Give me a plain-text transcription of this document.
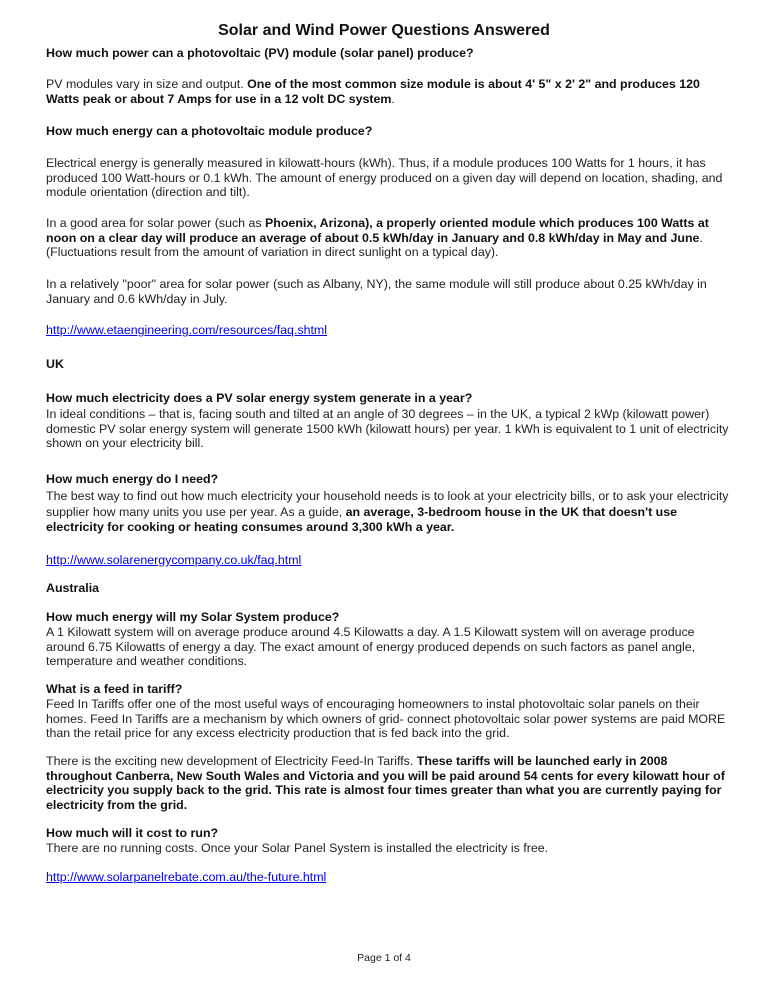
Solar and Wind Power Questions Answered
How much power can a photovoltaic (PV) module (solar panel) produce?
PV modules vary in size and output. One of the most common size module is about 4' 5" x 2' 2" and produces 120 Watts peak or about 7 Amps for use in a 12 volt DC system.
How much energy can a photovoltaic module produce?
Electrical energy is generally measured in kilowatt-hours (kWh). Thus, if a module produces 100 Watts for 1 hours, it has produced 100 Watt-hours or 0.1 kWh. The amount of energy produced on a given day will depend on location, shading, and module orientation (direction and tilt).
In a good area for solar power (such as Phoenix, Arizona), a properly oriented module which produces 100 Watts at noon on a clear day will produce an average of about 0.5 kWh/day in January and 0.8 kWh/day in May and June. (Fluctuations result from the amount of variation in direct sunlight on a typical day).
In a relatively "poor" area for solar power (such as Albany, NY), the same module will still produce about 0.25 kWh/day in January and 0.6 kWh/day in July.
http://www.etaengineering.com/resources/faq.shtml
UK
How much electricity does a PV solar energy system generate in a year?
In ideal conditions – that is, facing south and tilted at an angle of 30 degrees – in the UK, a typical 2 kWp (kilowatt power) domestic PV solar energy system will generate 1500 kWh (kilowatt hours) per year. 1 kWh is equivalent to 1 unit of electricity shown on your electricity bill.
How much energy do I need?
The best way to find out how much electricity your household needs is to look at your electricity bills, or to ask your electricity supplier how many units you use per year. As a guide, an average, 3-bedroom house in the UK that doesn't use electricity for cooking or heating consumes around 3,300 kWh a year.
http://www.solarenergycompany.co.uk/faq.html
Australia
How much energy will my Solar System produce?
A 1 Kilowatt system will on average produce around 4.5 Kilowatts a day. A 1.5 Kilowatt system will on average produce around 6.75 Kilowatts of energy a day. The exact amount of energy produced depends on such factors as panel angle, temperature and weather conditions.
What is a feed in tariff?
Feed In Tariffs offer one of the most useful ways of encouraging homeowners to instal photovoltaic solar panels on their homes. Feed In Tariffs are a mechanism by which owners of grid- connect photovoltaic solar power systems are paid MORE than the retail price for any excess electricity production that is fed back into the grid.
There is the exciting new development of Electricity Feed-In Tariffs. These tariffs will be launched early in 2008 throughout Canberra, New South Wales and Victoria and you will be paid around 54 cents for every kilowatt hour of electricity you supply back to the grid. This rate is almost four times greater than what you are currently paying for electricity from the grid.
How much will it cost to run?
There are no running costs. Once your Solar Panel System is installed the electricity is free.
http://www.solarpanelrebate.com.au/the-future.html
Page 1 of 4
